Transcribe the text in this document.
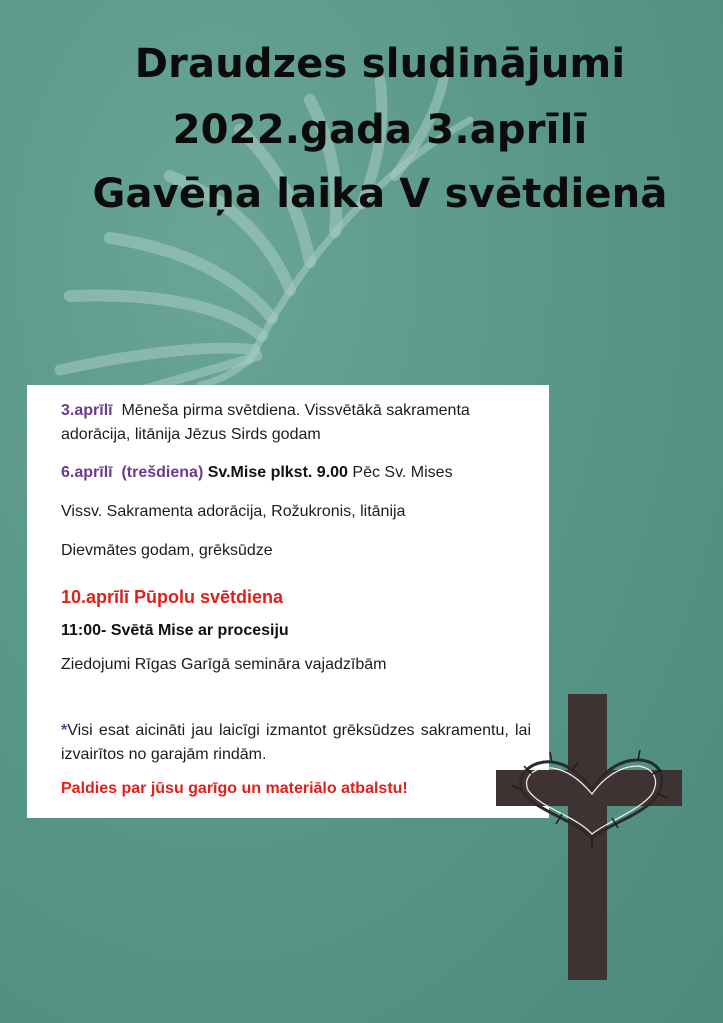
Draudzes sludinājumi
2022.gada 3.aprīlī
Gavēņa laika V svētdienā

3.aprīlī Mēneša pirma svētdiena. Vissvētākā sakramenta

adorācija, litānija Jēzus Sirds godam

6.aprīlī (trešdiena) Sv.Mise plkst. 9.00 Pēc Sv. Mises

Vissv. Sakramenta adorācija, Rožukronis, litānija

Dievmātes godam, grēksūdze

10.aprīlī Pūpolu svētdiena

11:00- Svētā Mise ar procesiju

Ziedojumi Rīgas Garīgā semināra vajadzībām

*Visi esat aicināti jau laicīgi izmantot grēksūdzes sakramentu, lai izvairītos no garajām rindām.

Paldies par jūsu garīgo un materiālo atbalstu!
